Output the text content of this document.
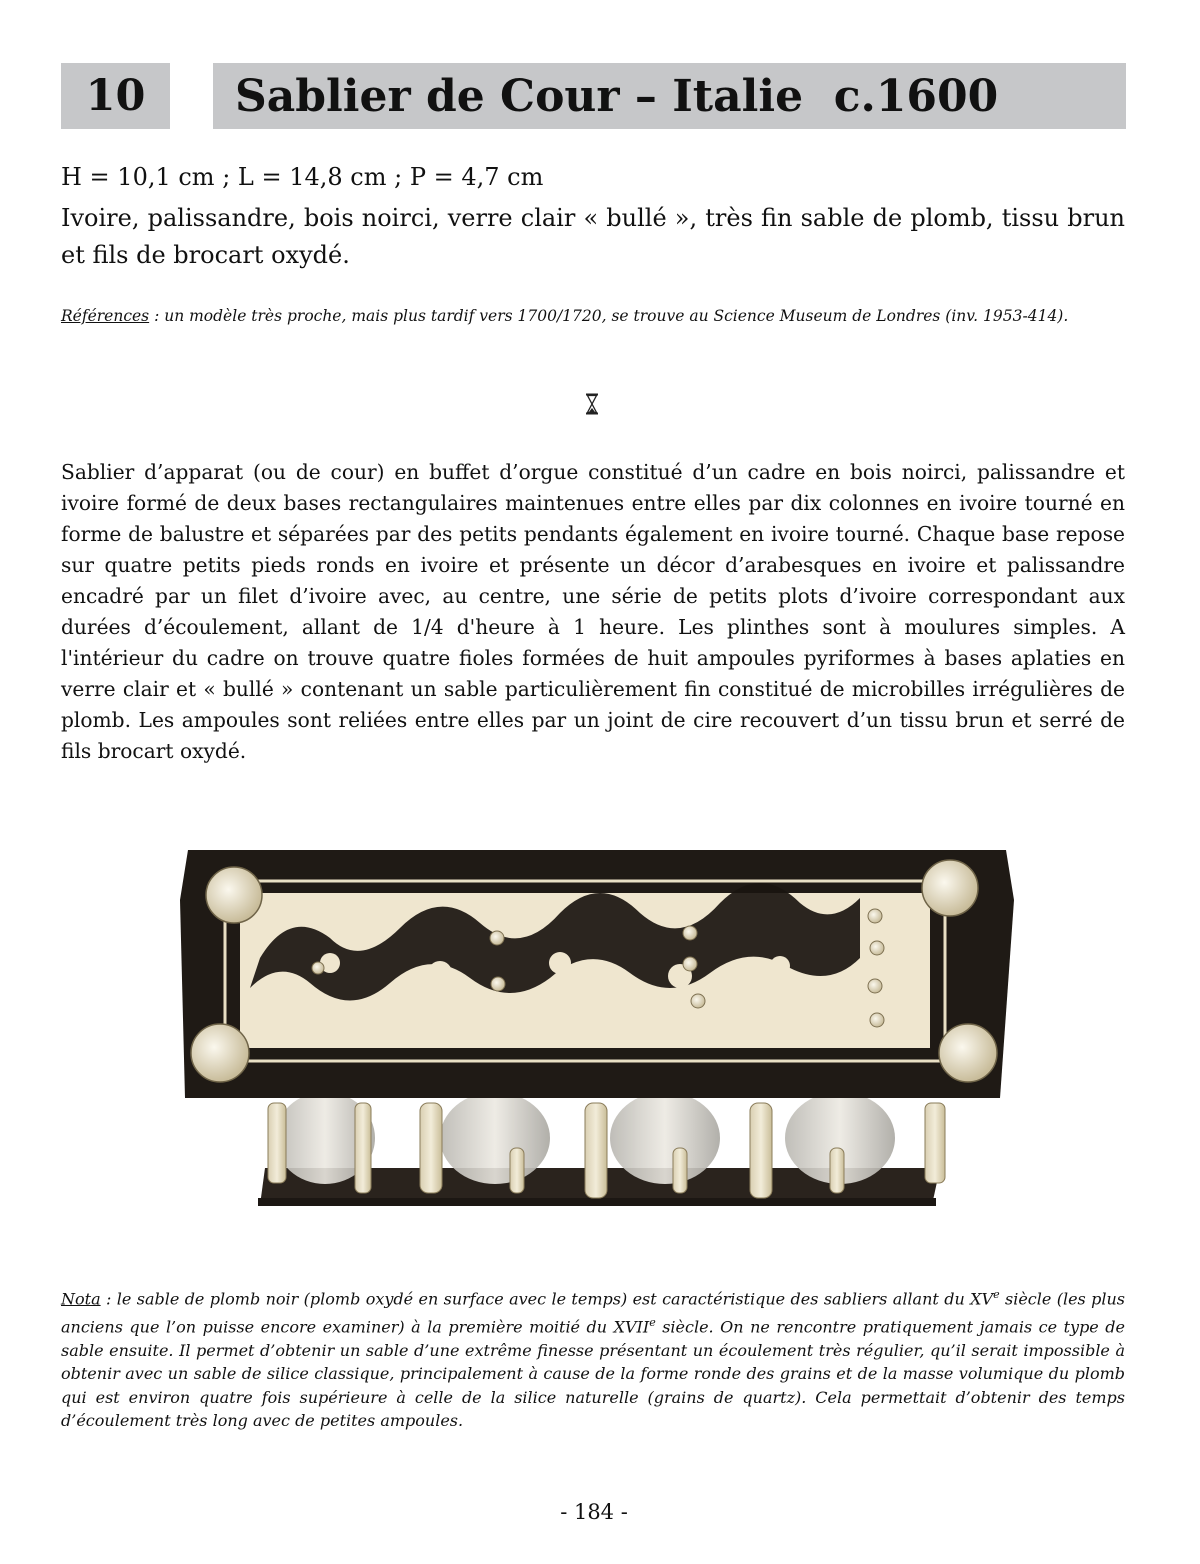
10	Sablier de Cour – Italie  c.1600
H = 10,1 cm ; L = 14,8 cm ; P = 4,7 cm
Ivoire, palissandre, bois noirci, verre clair « bullé », très fin sable de plomb, tissu brun et fils de brocart oxydé.
Références : un modèle très proche, mais plus tardif vers 1700/1720, se trouve au Science Museum de Londres (inv. 1953-414).
Sablier d’apparat (ou de cour) en buffet d’orgue constitué d’un cadre en bois noirci, palissandre et ivoire formé de deux bases rectangulaires maintenues entre elles par dix colonnes en ivoire tourné en forme de balustre et séparées par des petits pendants également en ivoire tourné. Chaque base repose sur quatre petits pieds ronds en ivoire et présente un décor d’arabesques en ivoire et palissandre encadré par un filet d’ivoire avec, au centre, une série de petits plots d’ivoire correspondant aux durées d’écoulement, allant de 1/4 d'heure à 1 heure. Les plinthes sont à moulures simples. A l'intérieur du cadre on trouve quatre fioles formées de huit ampoules pyriformes à bases aplaties en verre clair et « bullé » contenant un sable particulièrement fin constitué de microbilles irrégulières de plomb. Les ampoules sont reliées entre elles par un joint de cire recouvert d’un tissu brun et serré de fils brocart oxydé.
Nota : le sable de plomb noir (plomb oxydé en surface avec le temps) est caractéristique des sabliers allant du XVe siècle (les plus anciens que l’on puisse encore examiner) à la première moitié du XVIIe siècle. On ne rencontre pratiquement jamais ce type de sable ensuite. Il permet d’obtenir un sable d’une extrême finesse présentant un écoulement très régulier, qu’il serait impossible à obtenir avec un sable de silice classique, principalement à cause de la forme ronde des grains et de la masse volumique du plomb qui est environ quatre fois supérieure à celle de la silice naturelle (grains de quartz). Cela permettait d’obtenir des temps d’écoulement très long avec de petites ampoules.
- 184 -
